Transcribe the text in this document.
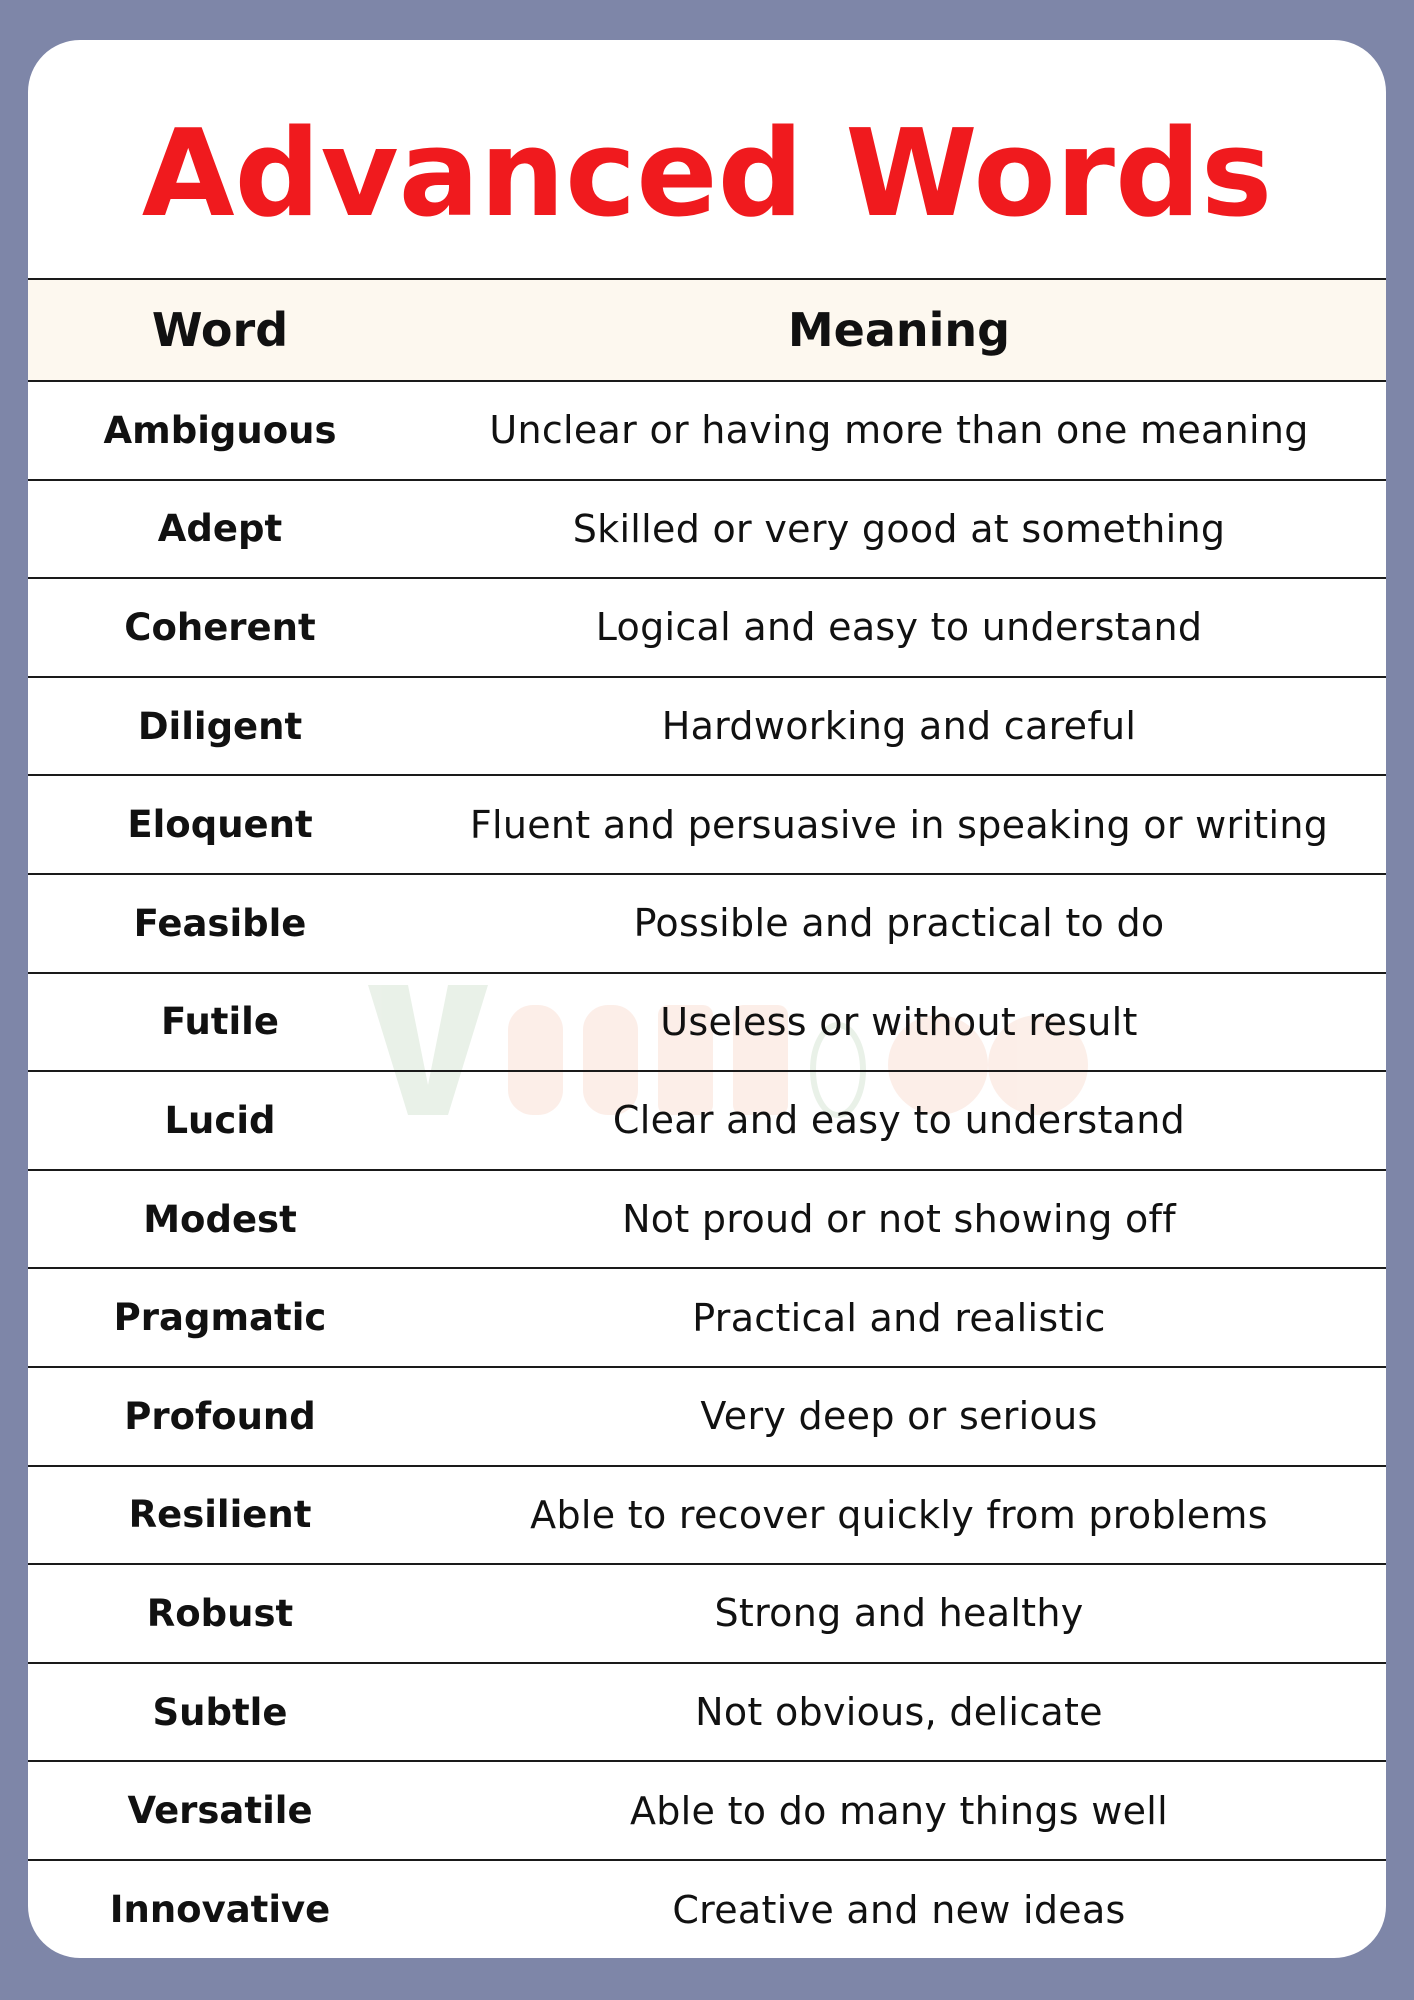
Advanced Words
Word	Meaning
Ambiguous	Unclear or having more than one meaning
Adept	Skilled or very good at something
Coherent	Logical and easy to understand
Diligent	Hardworking and careful
Eloquent	Fluent and persuasive in speaking or writing
Feasible	Possible and practical to do
Futile	Useless or without result
Lucid	Clear and easy to understand
Modest	Not proud or not showing off
Pragmatic	Practical and realistic
Profound	Very deep or serious
Resilient	Able to recover quickly from problems
Robust	Strong and healthy
Subtle	Not obvious, delicate
Versatile	Able to do many things well
Innovative	Creative and new ideas
